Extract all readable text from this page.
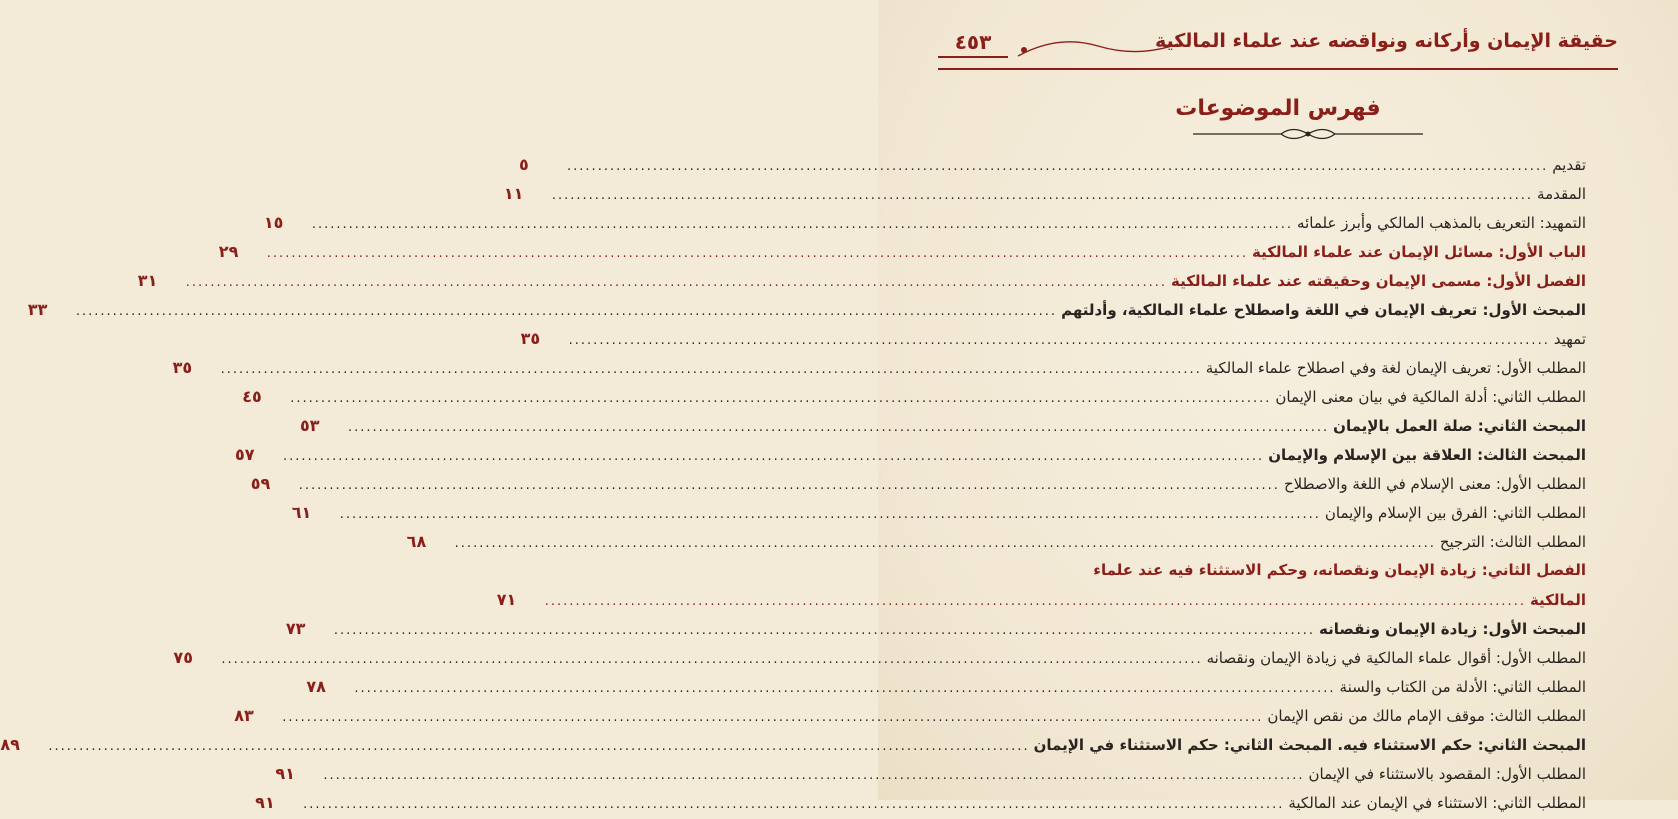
حقيقة الإيمان وأركانه ونواقضه عند علماء المالكية
٤٥٣
فهرس الموضوعات
تقديم
.....
٥
المقدمة
.....
١١
التمهيد: التعريف بالمذهب المالكي وأبرز علمائه
.....
١٥
الباب الأول: مسائل الإيمان عند علماء المالكية
.....
٢٩
الفصل الأول: مسمى الإيمان وحقيقته عند علماء المالكية
.....
٣١
المبحث الأول: تعريف الإيمان في اللغة واصطلاح علماء المالكية، وأدلتهم
.....
٣٣
تمهيد
.....
٣٥
المطلب الأول: تعريف الإيمان لغة وفي اصطلاح علماء المالكية
.....
٣٥
المطلب الثاني: أدلة المالكية في بيان معنى الإيمان
.....
٤٥
المبحث الثاني: صلة العمل بالإيمان
.....
٥٣
المبحث الثالث: العلاقة بين الإسلام والإيمان
.....
٥٧
المطلب الأول: معنى الإسلام في اللغة والاصطلاح
.....
٥٩
المطلب الثاني: الفرق بين الإسلام والإيمان
.....
٦١
المطلب الثالث: الترجيح
.....
٦٨
الفصل الثاني: زيادة الإيمان ونقصانه، وحكم الاستثناء فيه عند علماء
المالكية
.....
٧١
المبحث الأول: زيادة الإيمان ونقصانه
.....
٧٣
المطلب الأول: أقوال علماء المالكية في زيادة الإيمان ونقصانه
.....
٧٥
المطلب الثاني: الأدلة من الكتاب والسنة
.....
٧٨
المطلب الثالث: موقف الإمام مالك من نقص الإيمان
.....
٨٣
المبحث الثاني: حكم الاستثناء فيه. المبحث الثاني: حكم الاستثناء في الإيمان
.....
٨٩
المطلب الأول: المقصود بالاستثناء في الإيمان
.....
٩١
المطلب الثاني: الاستثناء في الإيمان عند المالكية
.....
٩١
